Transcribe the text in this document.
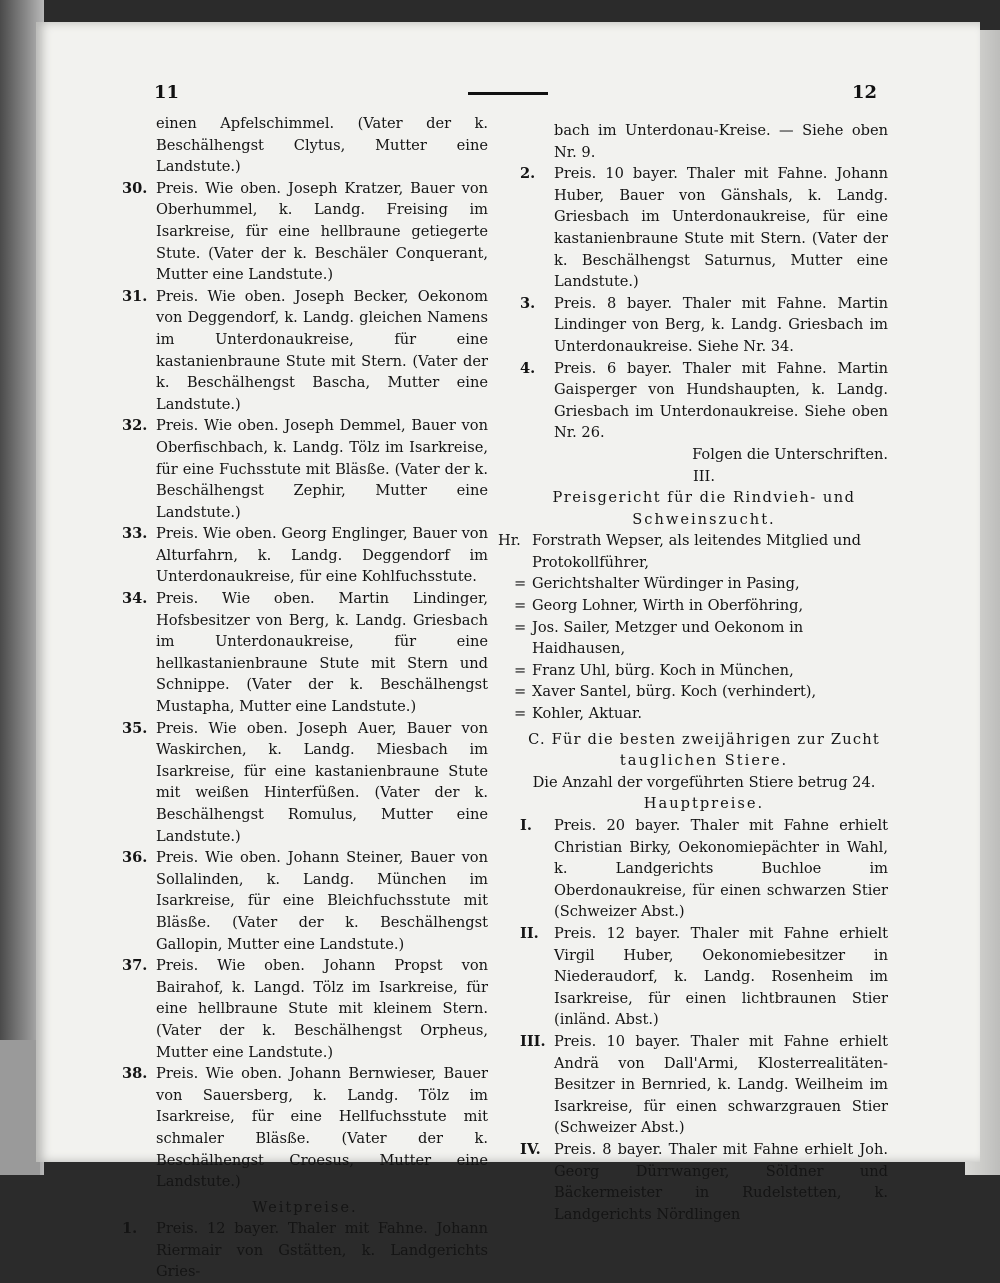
11	12
einen Apfelschimmel. (Vater der k. Beschälhengst Clytus, Mutter eine Landstute.)
30. Preis. Wie oben. Joseph Kratzer, Bauer von Oberhummel, k. Landg. Freising im Isarkreise, für eine hellbraune getiegerte Stute. (Vater der k. Beschäler Conquerant, Mutter eine Landstute.)
31. Preis. Wie oben. Joseph Becker, Oekonom von Deggendorf, k. Landg. gleichen Namens im Unterdonaukreise, für eine kastanienbraune Stute mit Stern. (Vater der k. Beschälhengst Bascha, Mutter eine Landstute.)
32. Preis. Wie oben. Joseph Demmel, Bauer von Oberfischbach, k. Landg. Tölz im Isarkreise, für eine Fuchsstute mit Bläsße. (Vater der k. Beschälhengst Zephir, Mutter eine Landstute.)
33. Preis. Wie oben. Georg Englinger, Bauer von Alturfahrn, k. Landg. Deggendorf im Unterdonaukreise, für eine Kohlfuchsstute.
34. Preis. Wie oben. Martin Lindinger, Hofsbesitzer von Berg, k. Landg. Griesbach im Unterdonaukreise, für eine hellkastanienbraune Stute mit Stern und Schnippe. (Vater der k. Beschälhengst Mustapha, Mutter eine Landstute.)
35. Preis. Wie oben. Joseph Auer, Bauer von Waskirchen, k. Landg. Miesbach im Isarkreise, für eine kastanienbraune Stute mit weißen Hinterfüßen. (Vater der k. Beschälhengst Romulus, Mutter eine Landstute.)
36. Preis. Wie oben. Johann Steiner, Bauer von Sollalinden, k. Landg. München im Isarkreise, für eine Bleichfuchsstute mit Bläsße. (Vater der k. Beschälhengst Gallopin, Mutter eine Landstute.)
37. Preis. Wie oben. Johann Propst von Bairahof, k. Langd. Tölz im Isarkreise, für eine hellbraune Stute mit kleinem Stern. (Vater der k. Beschälhengst Orpheus, Mutter eine Landstute.)
38. Preis. Wie oben. Johann Bernwieser, Bauer von Sauersberg, k. Landg. Tölz im Isarkreise, für eine Hellfuchsstute mit schmaler Bläsße. (Vater der k. Beschälhengst Croesus, Mutter eine Landstute.)
Weitpreise.
1. Preis. 12 bayer. Thaler mit Fahne. Johann Riermair von Gstätten, k. Landgerichts Gries-
bach im Unterdonau-Kreise. — Siehe oben Nr. 9.
2. Preis. 10 bayer. Thaler mit Fahne. Johann Huber, Bauer von Gänshals, k. Landg. Griesbach im Unterdonaukreise, für eine kastanienbraune Stute mit Stern. (Vater der k. Beschälhengst Saturnus, Mutter eine Landstute.)
3. Preis. 8 bayer. Thaler mit Fahne. Martin Lindinger von Berg, k. Landg. Griesbach im Unterdonaukreise. Siehe Nr. 34.
4. Preis. 6 bayer. Thaler mit Fahne. Martin Gaisperger von Hundshaupten, k. Landg. Griesbach im Unterdonaukreise. Siehe oben Nr. 26.
Folgen die Unterschriften.
III.
Preisgericht für die Rindvieh- und
Schweinszucht.
Hr. Forstrath Wepser, als leitendes Mitglied und Protokollführer,
= Gerichtshalter Würdinger in Pasing,
= Georg Lohner, Wirth in Oberföhring,
= Jos. Sailer, Metzger und Oekonom in Haidhausen,
= Franz Uhl, bürg. Koch in München,
= Xaver Santel, bürg. Koch (verhindert),
= Kohler, Aktuar.
C. Für die besten zweijährigen zur Zucht
tauglichen Stiere.
Die Anzahl der vorgeführten Stiere betrug 24.
Hauptpreise.
I. Preis. 20 bayer. Thaler mit Fahne erhielt Christian Birky, Oekonomiepächter in Wahl, k. Landgerichts Buchloe im Oberdonaukreise, für einen schwarzen Stier (Schweizer Abst.)
II. Preis. 12 bayer. Thaler mit Fahne erhielt Virgil Huber, Oekonomiebesitzer in Niederaudorf, k. Landg. Rosenheim im Isarkreise, für einen lichtbraunen Stier (inländ. Abst.)
III. Preis. 10 bayer. Thaler mit Fahne erhielt Andrä von Dall'Armi, Klosterrealitäten-Besitzer in Bernried, k. Landg. Weilheim im Isarkreise, für einen schwarzgrauen Stier (Schweizer Abst.)
IV. Preis. 8 bayer. Thaler mit Fahne erhielt Joh. Georg Dürrwanger, Söldner und Bäckermeister in Rudelstetten, k. Landgerichts Nördlingen
